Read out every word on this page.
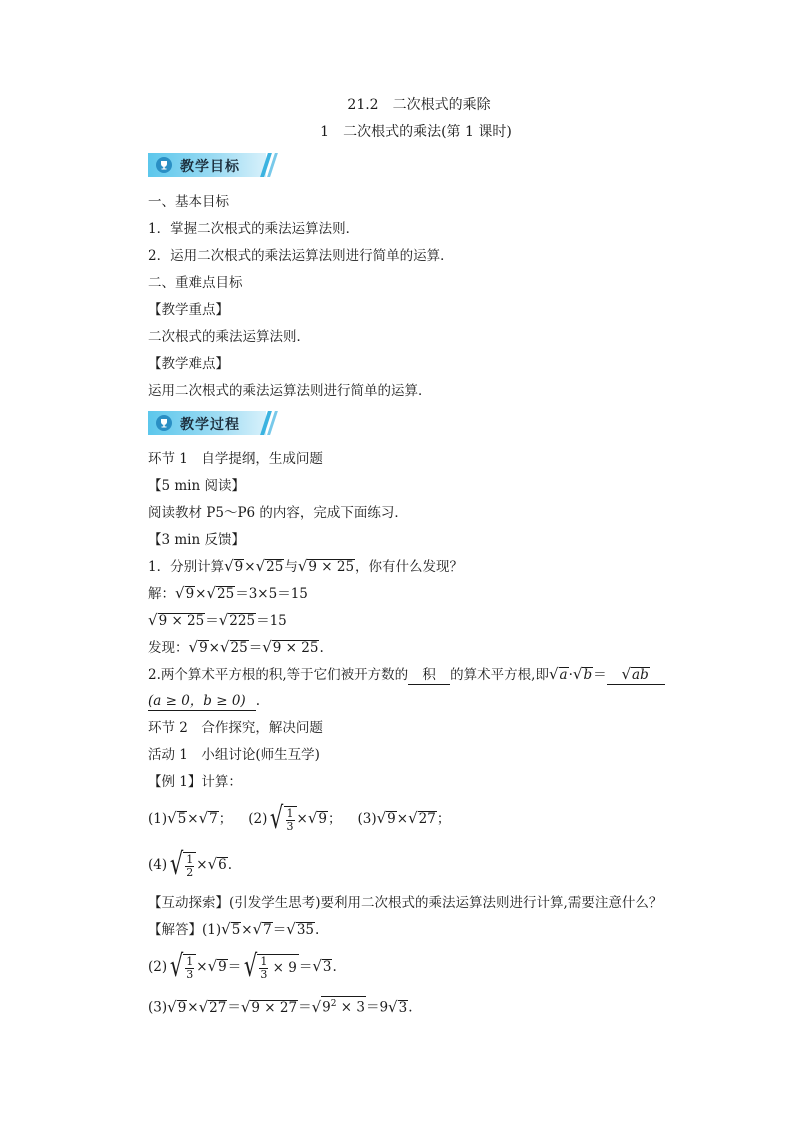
21.2　二次根式的乘除
1　二次根式的乘法(第 1 课时)
教学目标
一、基本目标
1．掌握二次根式的乘法运算法则．
2．运用二次根式的乘法运算法则进行简单的运算．
二、重难点目标
【教学重点】
二次根式的乘法运算法则．
【教学难点】
运用二次根式的乘法运算法则进行简单的运算．
教学过程
环节 1　自学提纲，生成问题
【5 min 阅读】
阅读教材 P5～P6 的内容，完成下面练习．
【3 min 反馈】
1．分别计算√9×√25与√9 × 25，你有什么发现？
解：√9×√25＝3×5＝15
√9 × 25＝√225＝15
发现：√9×√25＝√9 × 25.
2.两个算术平方根的积,等于它们被开方数的 积 的算术平方根,即√a·√b＝ √ab
(a ≥ 0，b ≥ 0) .
环节 2　合作探究，解决问题
活动 1　小组讨论(师生互学)
【例 1】计算：
(1) √5 × √7 ； (2) √ $\frac{1}{3} \times √9$ ； (3) √9 × √27 ；
(4) √ $\frac{1}{2} \times √6$ .
【互动探索】(引发学生思考)要利用二次根式的乘法运算法则进行计算,需要注意什么？
【解答】(1)√5×√7＝√35.
(2) √ $\frac{1}{3} \times √9$ ＝ √ $\frac{1}{3} \times 9 = √3$ .
$(3)√9\times√27=√9 \times 27=√9^2 \times 3=9√3$.
